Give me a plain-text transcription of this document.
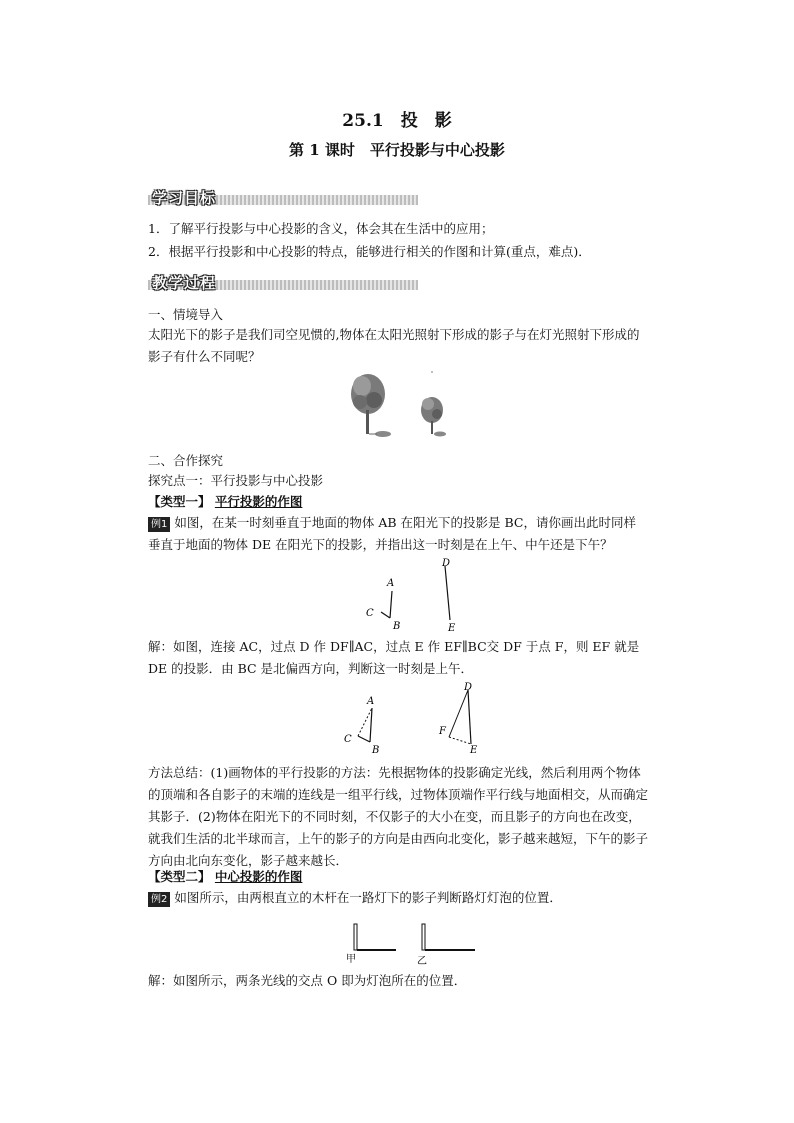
25.1　投　影
第 1 课时　平行投影与中心投影
学习目标
1．了解平行投影与中心投影的含义，体会其在生活中的应用；
2．根据平行投影和中心投影的特点，能够进行相关的作图和计算(重点，难点)．
教学过程
一、情境导入
太阳光下的影子是我们司空见惯的,物体在太阳光照射下形成的影子与在灯光照射下形成的影子有什么不同呢？
二、合作探究
探究点一：平行投影与中心投影
【类型一】 平行投影的作图
例1 如图，在某一时刻垂直于地面的物体 AB 在阳光下的投影是 BC，请你画出此时同样垂直于地面的物体 DE 在阳光下的投影，并指出这一时刻是在上午、中午还是下午？
A
B
C
D
E
解：如图，连接 AC，过点 D 作 DF∥AC，过点 E 作 EF∥BC交 DF 于点 F，则 EF 就是 DE 的投影．由 BC 是北偏西方向，判断这一时刻是上午．
A
B
C
D
E
F
方法总结：(1)画物体的平行投影的方法：先根据物体的投影确定光线，然后利用两个物体的顶端和各自影子的末端的连线是一组平行线，过物体顶端作平行线与地面相交，从而确定其影子．(2)物体在阳光下的不同时刻，不仅影子的大小在变，而且影子的方向也在改变，就我们生活的北半球而言，上午的影子的方向是由西向北变化，影子越来越短，下午的影子方向由北向东变化，影子越来越长．
【类型二】 中心投影的作图
例2 如图所示，由两根直立的木杆在一路灯下的影子判断路灯灯泡的位置．
甲	乙
解：如图所示，两条光线的交点 O 即为灯泡所在的位置．
